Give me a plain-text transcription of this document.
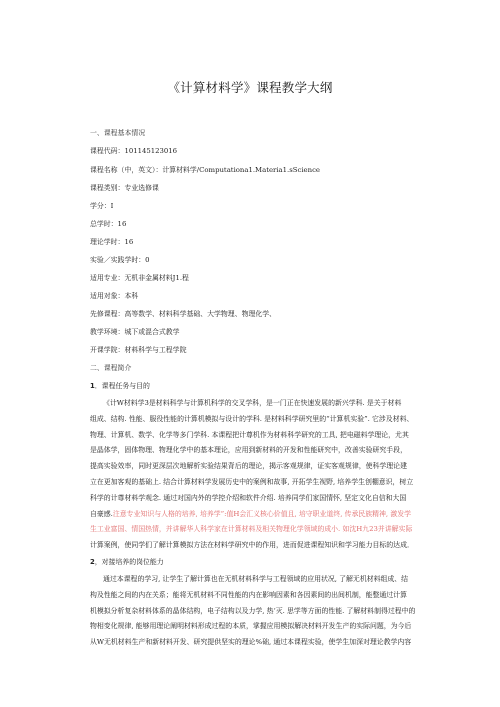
《计算材料学》课程教学大纲
一、课程基本情况
课程代码：101145123016
课程名称（中，英文）：计算材料学/Computationa1.Materia1.sScience
课程类别：专业选修课
学分：I
总学时：16
理论学时：16
实验／实践学时：0
适用专业：无机非金属材料J1.程
适用对象：本科
先修课程：高等数学、材料科学基础、大学物理、物理化学、
教学环境：城下或混合式教学
开课学院：材料科学与工程学院
二、课程简介
1．课程任务与目的
《计W材料学3是材料科学与计算机科学的交叉学科，是一门正在快速发展的新兴学科. 是关于材料
组成、结构. 性能、服役性能的计算机模拟与设计的学科. 是材料科学研究里的“计算机实验”. 它涉及材料、
物理、计算机、数学、化学等多门学科. 本课程把计尊机作为材料科学研究的工具, 把电磁料学理论，尤其
是晶体学，固体物理、物理化学中的基本理论，应用到新材料的开发和性能研究中，改善实验研究手段，
提高实验效率，同时更深层次地解析实验结果背后的理论，揭示客观规律，证实客观规律，使科学理论建
立在更加客观的基础上. 结合计算材料学发展历史中的案例和故事, 开拓学生视野, 培养学生创棚意识，树立
科学的计尊材料学观念. 通过对国内外的学控介绍和软件介绍. 培养同学们家国情怀, 坚定文化自信和大国
自豪感.注意专业知识与人格的培养, 培养学”:值H会汇义核心价值且, 培守职业道终, 传承民族精神, 激发学
生工业富国、情国热情，并讲解华人科学家在计算材料及相关物理化学领域的成小. 如沈H九23并讲解实际
计算案例，使同学们了解计算模拟方法在材料学研究中的作用，进而促进课程知识和学习能力目标的达成．
2，对接培养的岗位能力
通过本课程的学习, 让学生了解计算也在无机材料科学与工程领域的应用状况, 了解无机材料组成、结
构及性能之间的内在关系；能将无机材料不同性能的内在影响因素和各因素间的出间机制，能整通过计算
机模拟分析复杂材料体系的晶体结构，电子结构以及力学, 热‘灭. 思学等方面的性能. 了解材料制得过程中的
物相变化规律, 能够用理论阐明材料形成过程的本质，掌握应用模拟解决材料开发生产的实际问题，为今后
从W无机材料生产和新材料开发、研究提供坚实的理论%础, 通过本课程实验，使学生加深对理论教学内容
